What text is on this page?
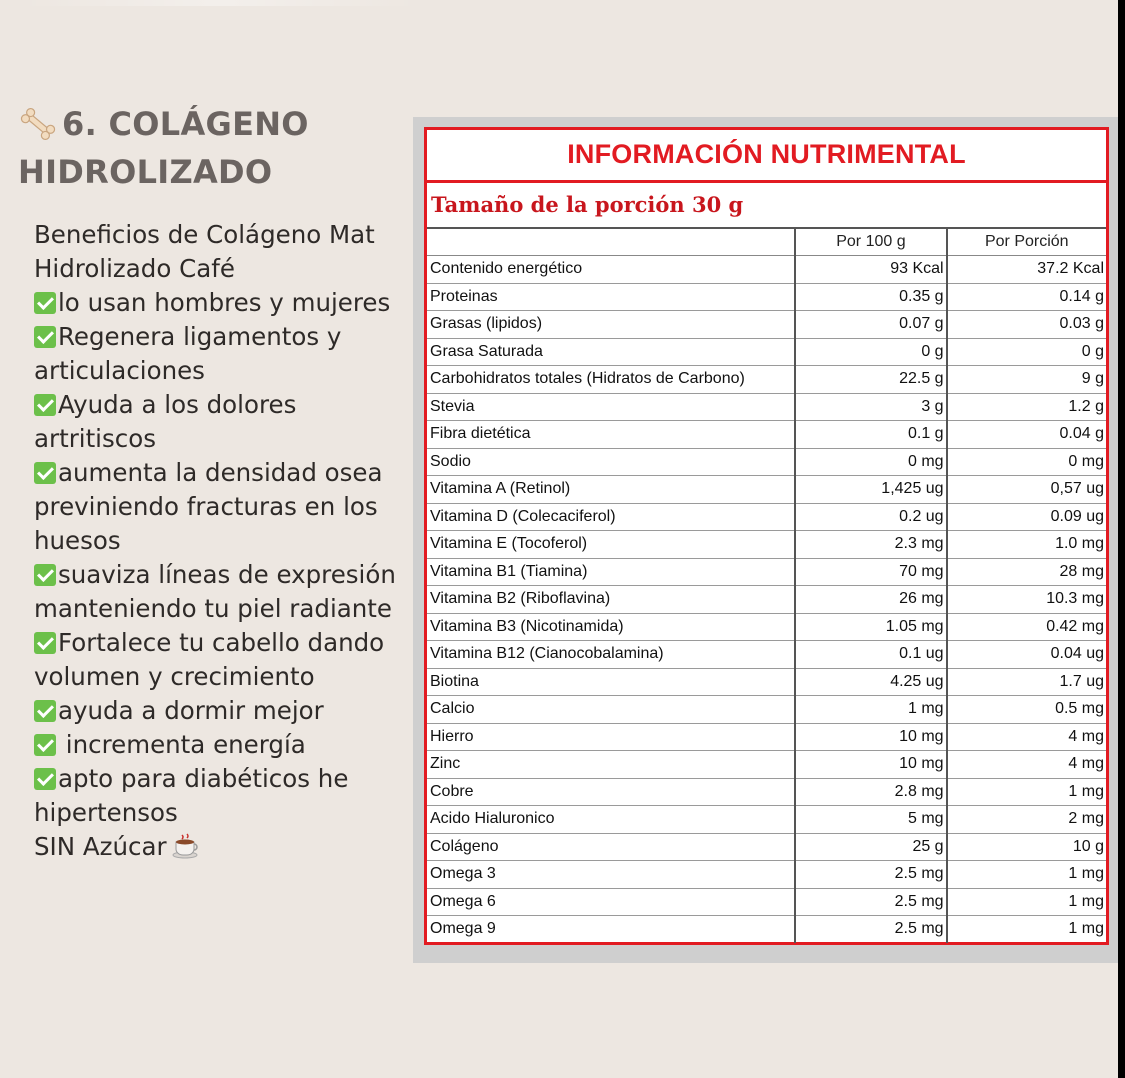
6. COLÁGENO HIDROLIZADO
Beneficios de Colágeno Mat
Hidrolizado Café
lo usan hombres y mujeres
Regenera ligamentos y
articulaciones
Ayuda a los dolores
artritiscos
aumenta la densidad osea
previniendo fracturas en los
huesos
suaviza líneas de expresión
manteniendo tu piel radiante
Fortalece tu cabello dando
volumen y crecimiento
ayuda a dormir mejor
incrementa energía
apto para diabéticos he
hipertensos
SIN Azúcar
INFORMACIÓN NUTRIMENTAL
Tamaño de la porción 30 g
	Por 100 g	Por Porción
Contenido energético	93 Kcal	37.2 Kcal
Proteinas	0.35 g	0.14 g
Grasas (lipidos)	0.07 g	0.03 g
Grasa Saturada	0 g	0 g
Carbohidratos totales (Hidratos de Carbono)	22.5 g	9 g
Stevia	3 g	1.2 g
Fibra dietética	0.1 g	0.04 g
Sodio	0 mg	0 mg
Vitamina A (Retinol)	1,425 ug	0,57 ug
Vitamina D (Colecaciferol)	0.2 ug	0.09 ug
Vitamina E (Tocoferol)	2.3 mg	1.0 mg
Vitamina B1 (Tiamina)	70 mg	28 mg
Vitamina B2 (Riboflavina)	26 mg	10.3 mg
Vitamina B3 (Nicotinamida)	1.05 mg	0.42 mg
Vitamina B12 (Cianocobalamina)	0.1 ug	0.04 ug
Biotina	4.25 ug	1.7 ug
Calcio	1 mg	0.5 mg
Hierro	10 mg	4 mg
Zinc	10 mg	4 mg
Cobre	2.8 mg	1 mg
Acido Hialuronico	5 mg	2 mg
Colágeno	25 g	10 g
Omega 3	2.5 mg	1 mg
Omega 6	2.5 mg	1 mg
Omega 9	2.5 mg	1 mg
